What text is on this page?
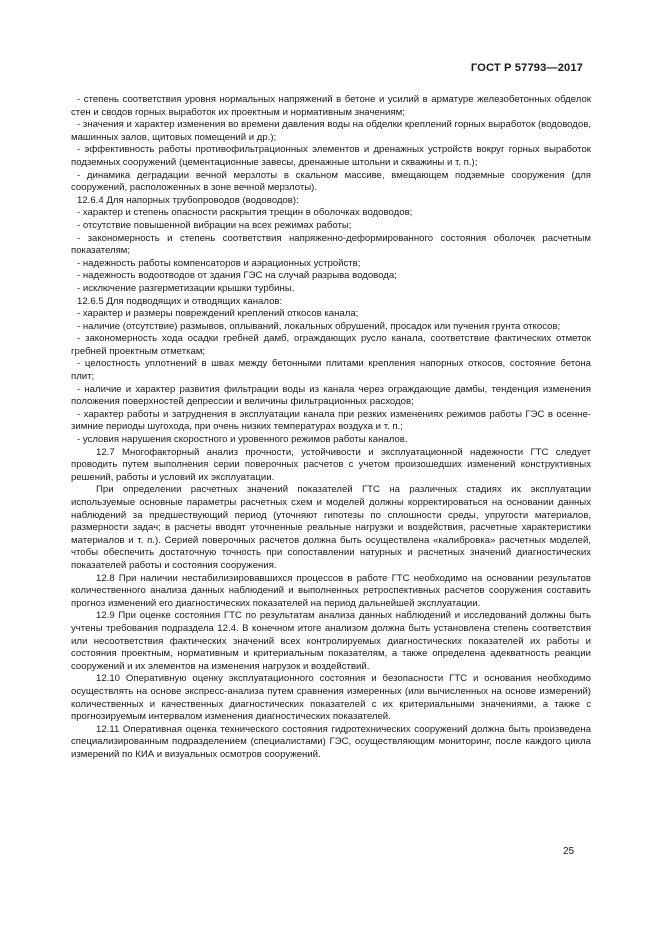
ГОСТ Р 57793—2017

- степень соответствия уровня нормальных напряжений в бетоне и усилий в арматуре железобетонных обделок стен и сводов горных выработок их проектным и нормативным значениям;

- значения и характер изменения во времени давления воды на обделки креплений горных выработок (водоводов, машинных залов, щитовых помещений и др.);

- эффективность работы противофильтрационных элементов и дренажных устройств вокруг горных выработок подземных сооружений (цементационные завесы, дренажные штольни и скважины и т. п.);

- динамика деградации вечной мерзлоты в скальном массиве, вмещающем подземные сооружения (для сооружений, расположенных в зоне вечной мерзлоты).

12.6.4 Для напорных трубопроводов (водоводов):

- характер и степень опасности раскрытия трещин в оболочках водоводов;

- отсутствие повышенной вибрации на всех режимах работы;

- закономерность и степень соответствия напряженно-деформированного состояния оболочек расчетным показателям;

- надежность работы компенсаторов и аэрационных устройств;

- надежность водоотводов от здания ГЭС на случай разрыва водовода;

- исключение разгерметизации крышки турбины.

12.6.5 Для подводящих и отводящих каналов:

- характер и размеры повреждений креплений откосов канала;

- наличие (отсутствие) размывов, оплываний, локальных обрушений, просадок или пучения грунта откосов;

- закономерность хода осадки гребней дамб, ограждающих русло канала, соответствие фактических отметок гребней проектным отметкам;

- целостность уплотнений в швах между бетонными плитами крепления напорных откосов, состояние бетона плит;

- наличие и характер развития фильтрации воды из канала через ограждающие дамбы, тенденция изменения положения поверхностей депрессии и величины фильтрационных расходов;

- характер работы и затруднения в эксплуатации канала при резких изменениях режимов работы ГЭС в осенне-зимние периоды шугохода, при очень низких температурах воздуха и т. п.;

- условия нарушения скоростного и уровенного режимов работы каналов.

12.7 Многофакторный анализ прочности, устойчивости и эксплуатационной надежности ГТС следует проводить путем выполнения серии поверочных расчетов с учетом произошедших изменений конструктивных решений, работы и условий их эксплуатации.

При определении расчетных значений показателей ГТС на различных стадиях их эксплуатации используемые основные параметры расчетных схем и моделей должны корректироваться на основании данных наблюдений за предшествующий период (уточняют гипотезы по сплошности среды, упругости материалов, размерности задач; в расчеты вводят уточненные реальные нагрузки и воздействия, расчетные характеристики материалов и т. п.). Серией поверочных расчетов должна быть осуществлена «калибровка» расчетных моделей, чтобы обеспечить достаточную точность при сопоставлении натурных и расчетных значений диагностических показателей работы и состояния сооружения.

12.8 При наличии нестабилизировавшихся процессов в работе ГТС необходимо на основании результатов количественного анализа данных наблюдений и выполненных ретроспективных расчетов сооружения составить прогноз изменений его диагностических показателей на период дальнейшей эксплуатации.

12.9 При оценке состояния ГТС по результатам анализа данных наблюдений и исследований должны быть учтены требования подраздела 12.4. В конечном итоге анализом должна быть установлена степень соответствия или несоответствия фактических значений всех контролируемых диагностических показателей их работы и состояния проектным, нормативным и критериальным показателям, а также определена адекватность реакции сооружений и их элементов на изменения нагрузок и воздействий.

12.10 Оперативную оценку эксплуатационного состояния и безопасности ГТС и основания необходимо осуществлять на основе экспресс-анализа путем сравнения измеренных (или вычисленных на основе измерений) количественных и качественных диагностических показателей с их критериальными значениями, а также с прогнозируемым интервалом изменения диагностических показателей.

12.11 Оперативная оценка технического состояния гидротехнических сооружений должна быть произведена специализированным подразделением (специалистами) ГЭС, осуществляющим мониторинг, после каждого цикла измерений по КИА и визуальных осмотров сооружений.

25
